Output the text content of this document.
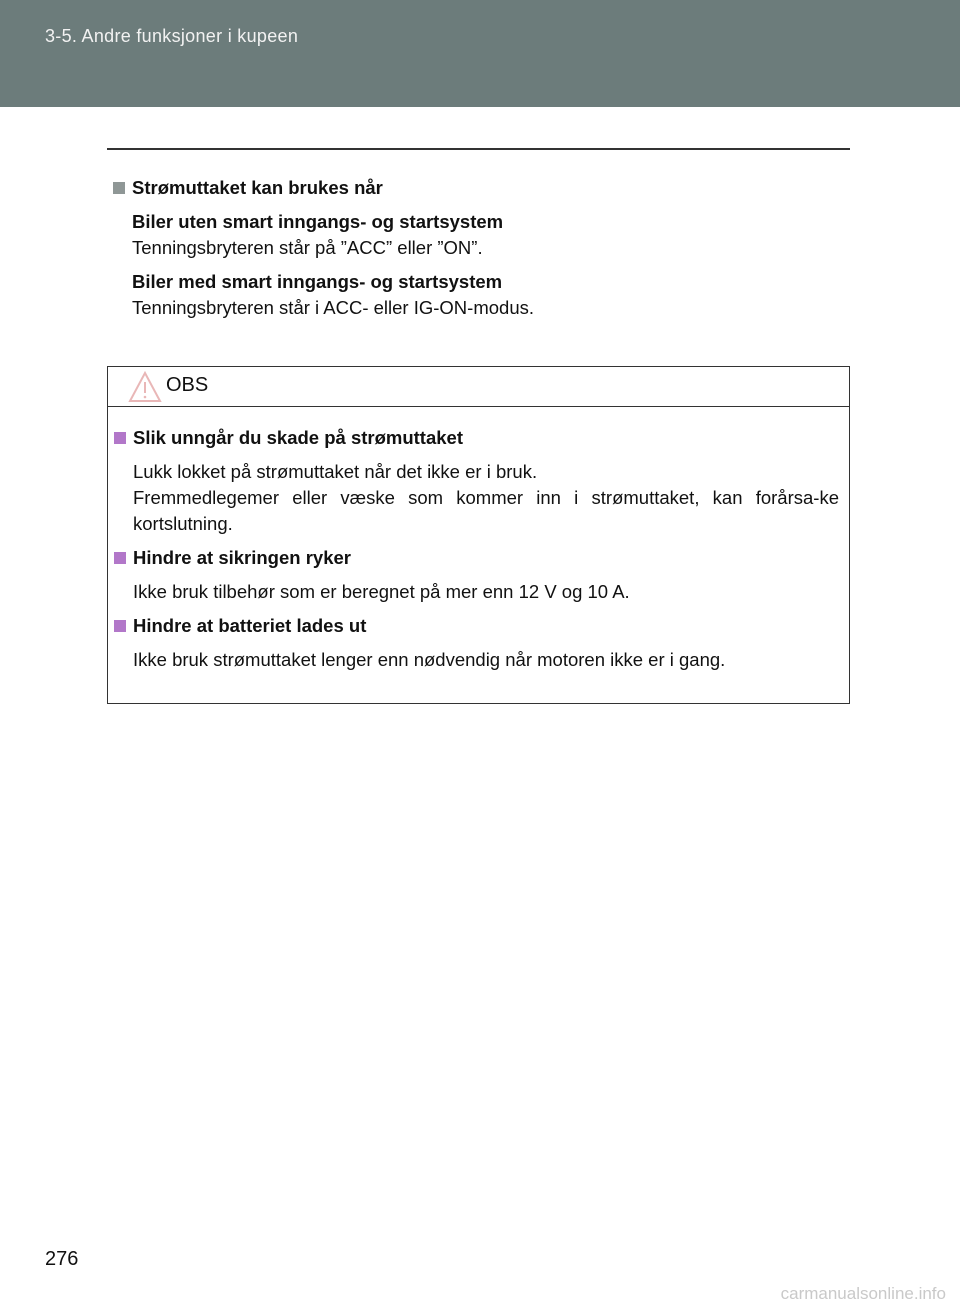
3-5. Andre funksjoner i kupeen
Strømuttaket kan brukes når
Biler uten smart inngangs- og startsystem
Tenningsbryteren står på ”ACC” eller ”ON”.
Biler med smart inngangs- og startsystem
Tenningsbryteren står i ACC- eller IG-ON-modus.
OBS
Slik unngår du skade på strømuttaket
Lukk lokket på strømuttaket når det ikke er i bruk.
Fremmedlegemer eller væske som kommer inn i strømuttaket, kan forårsa-ke kortslutning.
Hindre at sikringen ryker
Ikke bruk tilbehør som er beregnet på mer enn 12 V og 10 A.
Hindre at batteriet lades ut
Ikke bruk strømuttaket lenger enn nødvendig når motoren ikke er i gang.
276
carmanualsonline.info
